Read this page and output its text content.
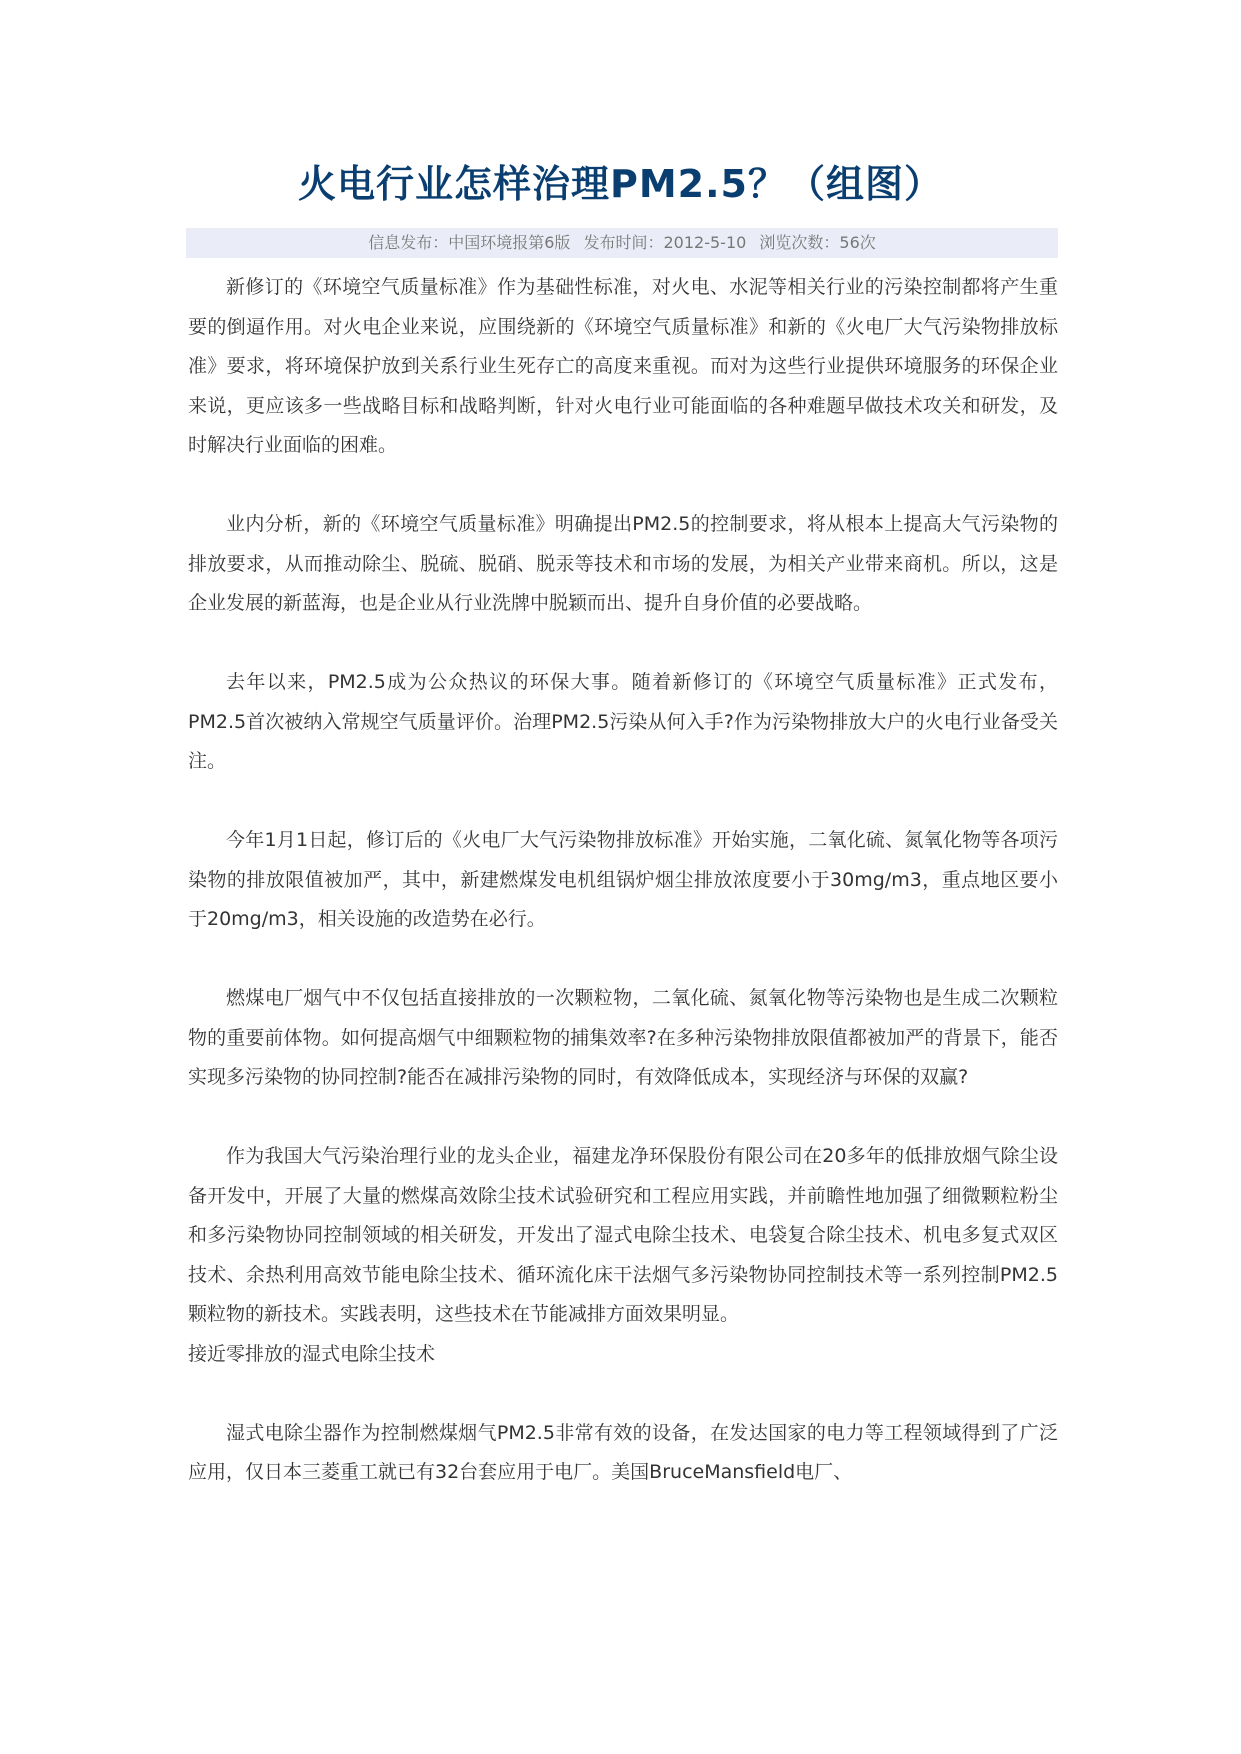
火电行业怎样治理PM2.5？（组图）
信息发布：中国环境报第6版 发布时间：2012-5-10 浏览次数：56次

新修订的《环境空气质量标准》作为基础性标准，对火电、水泥等相关行业的污染控制都将产生重要的倒逼作用。对火电企业来说，应围绕新的《环境空气质量标准》和新的《火电厂大气污染物排放标准》要求，将环境保护放到关系行业生死存亡的高度来重视。而对为这些行业提供环境服务的环保企业来说，更应该多一些战略目标和战略判断，针对火电行业可能面临的各种难题早做技术攻关和研发，及时解决行业面临的困难。

业内分析，新的《环境空气质量标准》明确提出PM2.5的控制要求，将从根本上提高大气污染物的排放要求，从而推动除尘、脱硫、脱硝、脱汞等技术和市场的发展，为相关产业带来商机。所以，这是企业发展的新蓝海，也是企业从行业洗牌中脱颖而出、提升自身价值的必要战略。

去年以来，PM2.5成为公众热议的环保大事。随着新修订的《环境空气质量标准》正式发布，PM2.5首次被纳入常规空气质量评价。治理PM2.5污染从何入手?作为污染物排放大户的火电行业备受关注。

今年1月1日起，修订后的《火电厂大气污染物排放标准》开始实施，二氧化硫、氮氧化物等各项污染物的排放限值被加严，其中，新建燃煤发电机组锅炉烟尘排放浓度要小于30mg/m3，重点地区要小于20mg/m3，相关设施的改造势在必行。

燃煤电厂烟气中不仅包括直接排放的一次颗粒物，二氧化硫、氮氧化物等污染物也是生成二次颗粒物的重要前体物。如何提高烟气中细颗粒物的捕集效率?在多种污染物排放限值都被加严的背景下，能否实现多污染物的协同控制?能否在减排污染物的同时，有效降低成本，实现经济与环保的双赢?

作为我国大气污染治理行业的龙头企业，福建龙净环保股份有限公司在20多年的低排放烟气除尘设备开发中，开展了大量的燃煤高效除尘技术试验研究和工程应用实践，并前瞻性地加强了细微颗粒粉尘和多污染物协同控制领域的相关研发，开发出了湿式电除尘技术、电袋复合除尘技术、机电多复式双区技术、余热利用高效节能电除尘技术、循环流化床干法烟气多污染物协同控制技术等一系列控制PM2.5颗粒物的新技术。实践表明，这些技术在节能减排方面效果明显。

接近零排放的湿式电除尘技术

湿式电除尘器作为控制燃煤烟气PM2.5非常有效的设备，在发达国家的电力等工程领域得到了广泛应用，仅日本三菱重工就已有32台套应用于电厂。美国BruceMansfield电厂、
